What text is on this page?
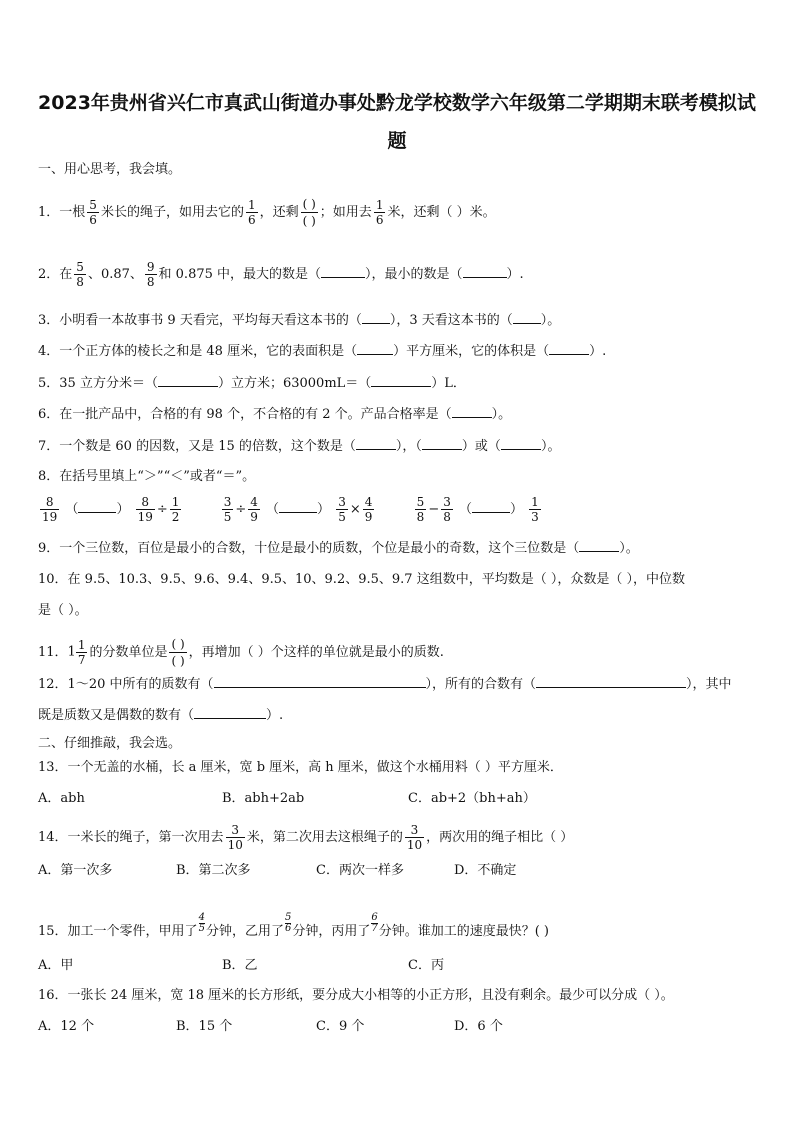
2023年贵州省兴仁市真武山街道办事处黔龙学校数学六年级第二学期期末联考模拟试
题
一、用心思考，我会填。
1．一根 $\frac{5}{6}$ 米长的绳子，如用去它的 $\frac{1}{6}$ ，还剩 $\frac{( )}{( )}$ ；如用去 $\frac{1}{6}$ 米，还剩（ ）米。
2．在 $\frac{5}{8}$ 、0.87、 $\frac{9}{8}$ 和 0.875 中，最大的数是（	），最小的数是（	）.
3．小明看一本故事书 9 天看完，平均每天看这本书的（ ），3 天看这本书的（ ）。
4．一个正方体的棱长之和是 48 厘米，它的表面积是（	）平方厘米，它的体积是（	）.
5．35 立方分米＝（	）立方米；63000mL＝（	）L．
6．在一批产品中，合格的有 98 个，不合格的有 2 个。产品合格率是（	）。
7．一个数是 60 的因数，又是 15 的倍数，这个数是（	），（	）或（	）。
8．在括号里填上“＞”“＜”或者“＝”。
$\frac{8}{19}$ （	） $\frac{8}{19} \div \frac{1}{2}$
	$\frac{3}{5} \div \frac{4}{9}$ （	） $\frac{3}{5} \times \frac{4}{9}$
	$\frac{5}{8} - \frac{3}{8}$ （	） $\frac{1}{3}$
9．一个三位数，百位是最小的合数，十位是最小的质数，个位是最小的奇数，这个三位数是（	）。
10．在 9.5、10.3、9.5、9.6、9.4、9.5、10、9.2、9.5、9.7 这组数中，平均数是（ ），众数是（ ），中位数
是（ ）。
11．$1 \frac{1}{7}$ 的分数单位是 $\frac{( )}{( )}$ ，再增加（ ）个这样的单位就是最小的质数.
12．1～20 中所有的质数有（	），所有的合数有（	），其中
既是质数又是偶数的数有（	）.
二、仔细推敲，我会选。
13．一个无盖的水桶，长 a 厘米，宽 b 厘米，高 h 厘米，做这个水桶用料（ ）平方厘米．
A．abh	B．abh+2ab	C．ab+2（bh+ah）
14．一米长的绳子，第一次用去 $\frac{3}{10}$ 米，第二次用去这根绳子的 $\frac{3}{10}$ ，两次用的绳子相比（ ）
A．第一次多	B．第二次多	C．两次一样多	D．不确定
15．加工一个零件，甲用了 $\frac{4}{5}$ 分钟，乙用了 $\frac{5}{6}$ 分钟，丙用了 $\frac{6}{7}$ 分钟。谁加工的速度最快？( )
A．甲	B．乙	C．丙
16．一张长 24 厘米，宽 18 厘米的长方形纸，要分成大小相等的小正方形，且没有剩余。最少可以分成（ ）。
A．12 个	B．15 个	C．9 个	D．6 个
